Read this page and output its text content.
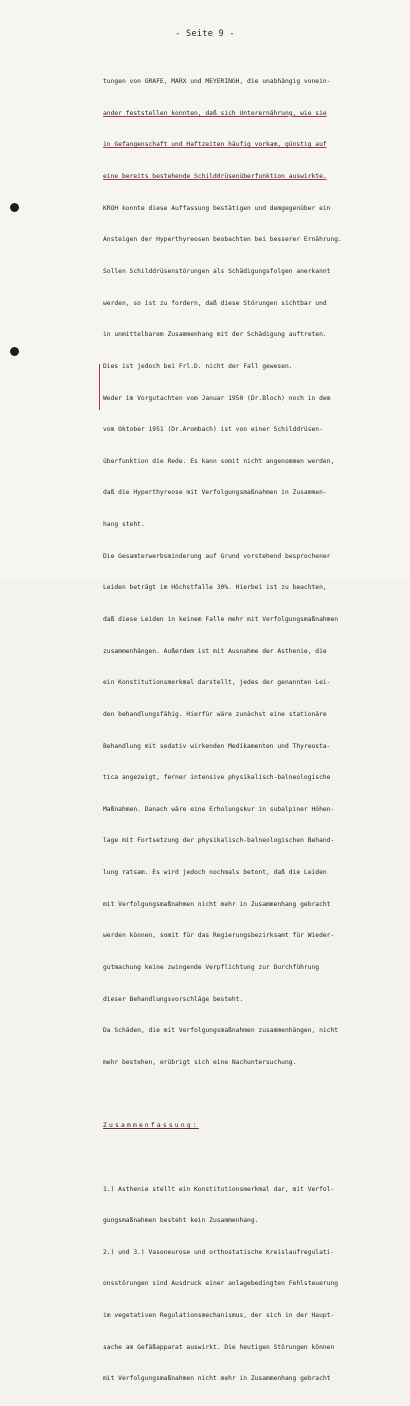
- Seite 9 -

tungen von GRAFE, MARX und MEYERINGH, die unabhängig vonein-

ander feststellen konnten, daß sich Unterernährung, wie sie

in Gefangenschaft und Haftzeiten häufig vorkam, günstig auf

eine bereits bestehende Schilddrüsenüberfunktion auswirkte.

KROH konnte diese Auffassung bestätigen und demgegenüber ein

Ansteigen der Hyperthyreosen beobachten bei besserer Ernährung.

Sollen Schilddrüsenstörungen als Schädigungsfolgen anerkannt

werden, so ist zu fordern, daß diese Störungen sichtbar und

in unmittelbarem Zusammenhang mit der Schädigung auftreten.

Dies ist jedoch bei Frl.D. nicht der Fall gewesen.

Weder im Vorgutachten vom Januar 1950 (Dr.Bloch) noch in dem

vom Oktober 1951 (Dr.Arombach) ist von einer Schilddrüsen-

überfunktion die Rede. Es kann somit nicht angenommen werden,

daß die Hyperthyreose mit Verfolgungsmaßnahmen in Zusammen-

hang steht.

Die Gesamterwerbsminderung auf Grund vorstehend besprochener

Leiden beträgt im Höchstfalle 30%. Hierbei ist zu beachten,

daß diese Leiden in keinem Falle mehr mit Verfolgungsmaßnahmen

zusammenhängen. Außerdem ist mit Ausnahme der Asthenie, die

ein Konstitutionsmerkmal darstellt, jedes der genannten Lei-

den behandlungsfähig. Hierfür wäre zunächst eine stationäre

Behandlung mit sedativ wirkenden Medikamenten und Thyreosta-

tica angezeigt, ferner intensive physikalisch-balneologische

Maßnahmen. Danach wäre eine Erholungskur in subalpiner Höhen-

lage mit Fortsetzung der physikalisch-balneologischen Behand-

lung ratsam. Es wird jedoch nochmals betont, daß die Leiden

mit Verfolgungsmaßnahmen nicht mehr in Zusammenhang gebracht

werden können, somit für das Regierungsbezirksamt für Wieder-

gutmachung keine zwingende Verpflichtung zur Durchführung

dieser Behandlungsvorschläge besteht.

Da Schäden, die mit Verfolgungsmaßnahmen zusammenhängen, nicht

mehr bestehen, erübrigt sich eine Nachuntersuchung.

Zusammenfassung:

1.) Asthenie stellt ein Konstitutionsmerkmal dar, mit Verfol-

gungsmaßnahmen besteht kein Zusammenhang.

2.) und 3.) Vasoneurose und orthostatische Kreislaufregulati-

onsstörungen sind Ausdruck einer anlagebedingten Fehlsteuerung

im vegetativen Regulationsmechanismus, der sich in der Haupt-

sache am Gefäßapparat auswirkt. Die heutigen Störungen können

mit Verfolgungsmaßnahmen nicht mehr in Zusammenhang gebracht
